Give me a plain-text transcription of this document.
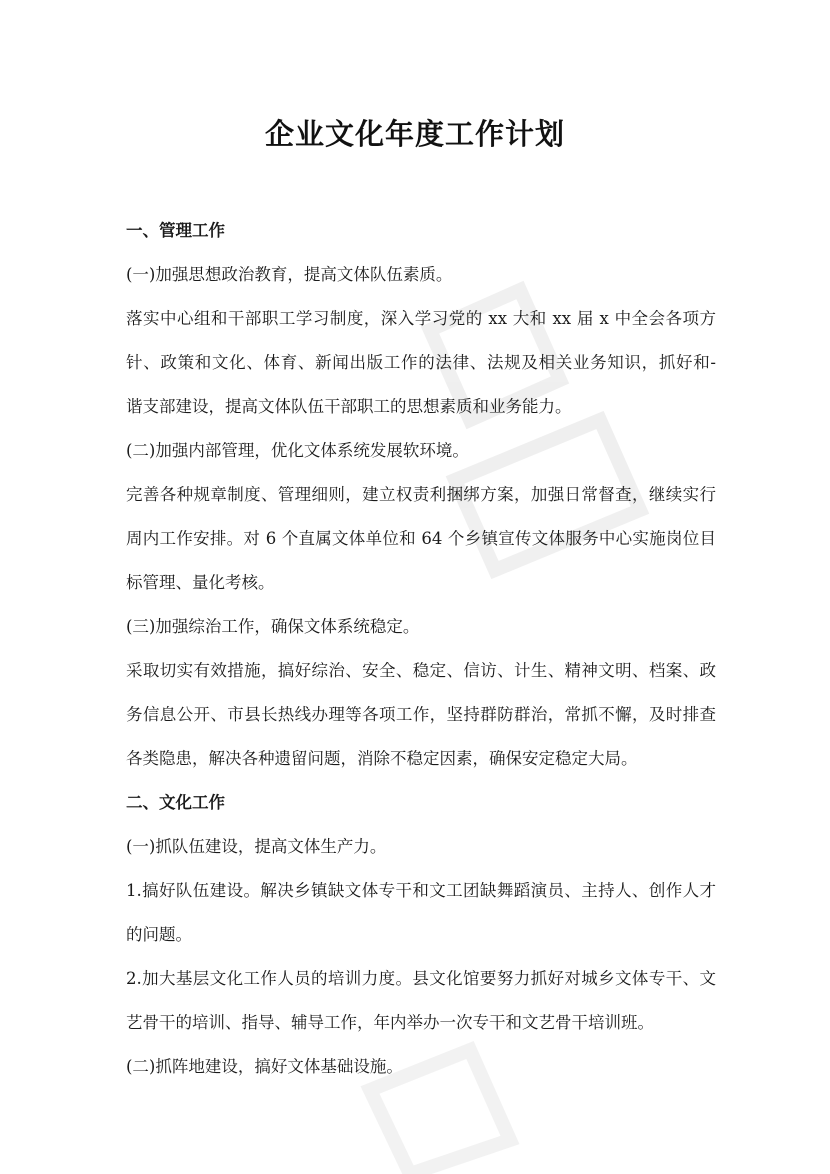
企业文化年度工作计划
一、管理工作
(一)加强思想政治教育，提高文体队伍素质。
落实中心组和干部职工学习制度，深入学习党的 xx 大和 xx 届 x 中全会各项方
针、政策和文化、体育、新闻出版工作的法律、法规及相关业务知识，抓好和-
谐支部建设，提高文体队伍干部职工的思想素质和业务能力。
(二)加强内部管理，优化文体系统发展软环境。
完善各种规章制度、管理细则，建立权责利捆绑方案，加强日常督查，继续实行
周内工作安排。对 6 个直属文体单位和 64 个乡镇宣传文体服务中心实施岗位目
标管理、量化考核。
(三)加强综治工作，确保文体系统稳定。
采取切实有效措施，搞好综治、安全、稳定、信访、计生、精神文明、档案、政
务信息公开、市县长热线办理等各项工作，坚持群防群治，常抓不懈，及时排查
各类隐患，解决各种遗留问题，消除不稳定因素，确保安定稳定大局。
二、文化工作
(一)抓队伍建设，提高文体生产力。
1.搞好队伍建设。解决乡镇缺文体专干和文工团缺舞蹈演员、主持人、创作人才
的问题。
2.加大基层文化工作人员的培训力度。县文化馆要努力抓好对城乡文体专干、文
艺骨干的培训、指导、辅导工作，年内举办一次专干和文艺骨干培训班。
(二)抓阵地建设，搞好文体基础设施。
